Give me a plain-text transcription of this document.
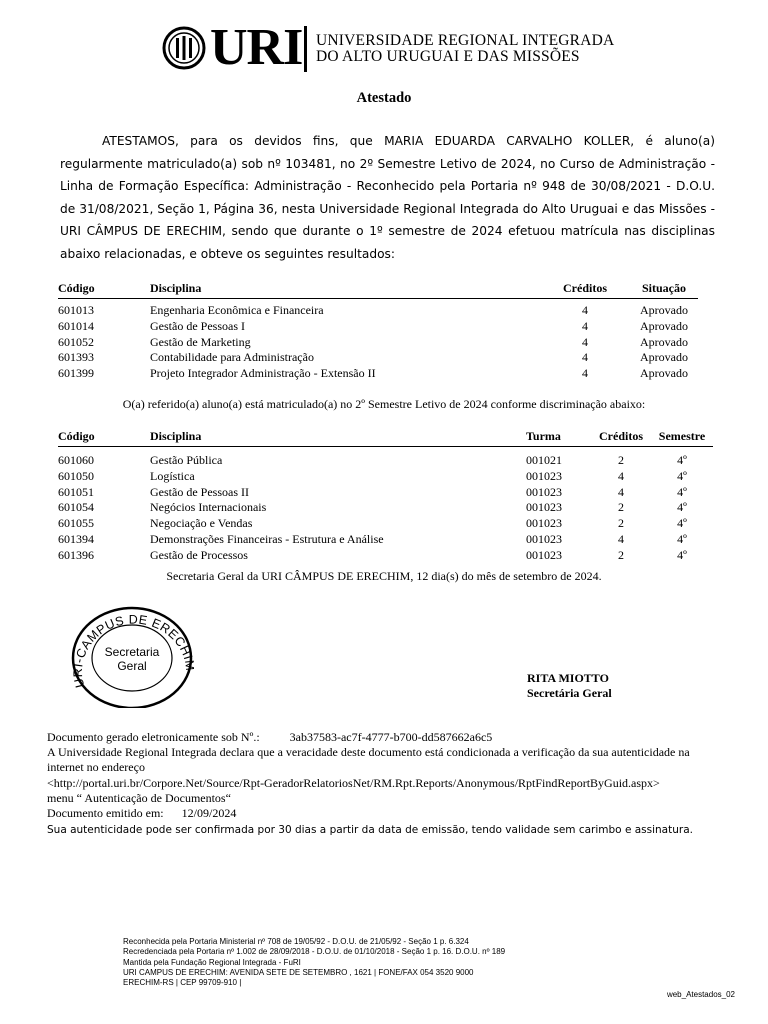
URI UNIVERSIDADE REGIONAL INTEGRADA
DO ALTO URUGUAI E DAS MISSÕES
Atestado
ATESTAMOS, para os devidos fins, que MARIA EDUARDA CARVALHO KOLLER, é aluno(a) regularmente matriculado(a) sob nº 103481, no 2º Semestre Letivo de 2024, no Curso de Administração - Linha de Formação Específica: Administração - Reconhecido pela Portaria nº 948 de 30/08/2021 - D.O.U. de 31/08/2021, Seção 1, Página 36, nesta Universidade Regional Integrada do Alto Uruguai e das Missões - URI CÂMPUS DE ERECHIM, sendo que durante o 1º semestre de 2024 efetuou matrícula nas disciplinas abaixo relacionadas, e obteve os seguintes resultados:
Código	Disciplina	Créditos	Situação

601013	Engenharia Econômica e Financeira	4	Aprovado
601014	Gestão de Pessoas I	4	Aprovado
601052	Gestão de Marketing	4	Aprovado
601393	Contabilidade para Administração	4	Aprovado
601399	Projeto Integrador Administração - Extensão II	4	Aprovado
O(a) referido(a) aluno(a) está matriculado(a) no 2º Semestre Letivo de 2024 conforme discriminação abaixo:
Código	Disciplina	Turma	Créditos	Semestre

601060	Gestão Pública	001021	2	4º
601050	Logística	001023	4	4º
601051	Gestão de Pessoas II	001023	4	4º
601054	Negócios Internacionais	001023	2	4º
601055	Negociação e Vendas	001023	2	4º
601394	Demonstrações Financeiras - Estrutura e Análise	001023	4	4º
601396	Gestão de Processos	001023	2	4º
Secretaria Geral da URI CÂMPUS DE ERECHIM, 12 dia(s) do mês de setembro de 2024.
URI-CAMPUS DE ERECHI
Secretaria
Geral
RITA MIOTTO
Secretária Geral
Documento gerado eletronicamente sob Nº.:	3ab37583-ac7f-4777-b700-dd587662a6c5
A Universidade Regional Integrada declara que a veracidade deste documento está condicionada a verificação da sua autenticidade na internet no endereço
<http://portal.uri.br/Corpore.Net/Source/Rpt-GeradorRelatoriosNet/RM.Rpt.Reports/Anonymous/RptFindReportByGuid.aspx>
menu “ Autenticação de Documentos“
Documento emitido em: 12/09/2024
Sua autenticidade pode ser confirmada por 30 dias a partir da data de emissão, tendo validade sem carimbo e assinatura.
Reconhecida pela Portaria Ministerial nº 708 de 19/05/92 - D.O.U. de 21/05/92 - Seção 1 p. 6.324
Recredenciada pela Portaria nº 1.002 de 28/09/2018 - D.O.U. de 01/10/2018 - Seção 1 p. 16. D.O.U. nº 189
Mantida pela Fundação Regional Integrada - FuRI
URI CAMPUS DE ERECHIM: AVENIDA SETE DE SETEMBRO , 1621 | FONE/FAX 054 3520 9000
ERECHIM-RS | CEP 99709-910 |
web_Atestados_02
